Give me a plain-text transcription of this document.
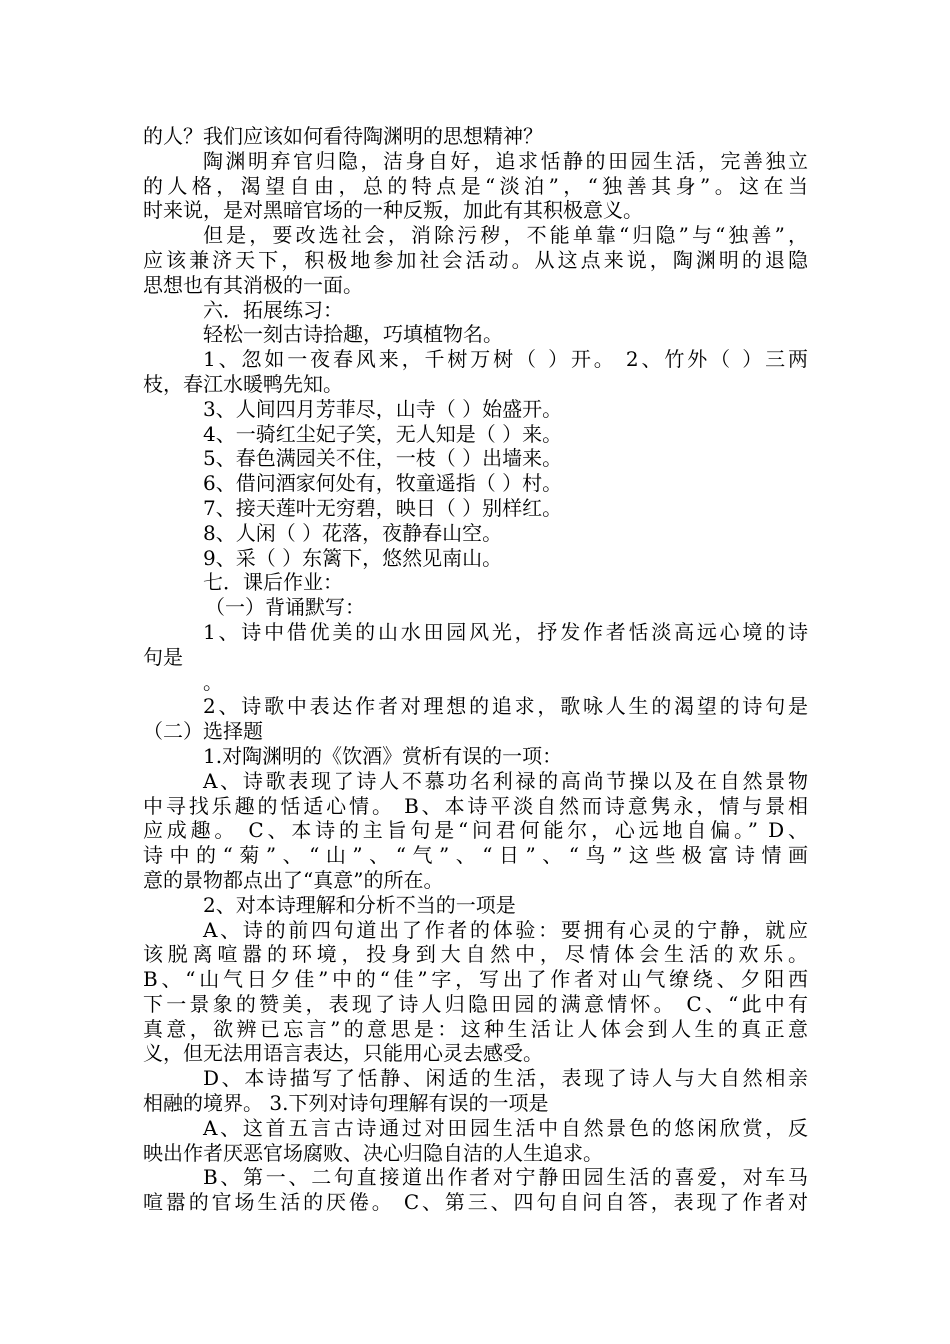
的人？我们应该如何看待陶渊明的思想精神？
陶渊明弃官归隐，洁身自好，追求恬静的田园生活，完善独立
的人格，渴望自由，总的特点是“淡泊”，“独善其身”。这在当
时来说，是对黑暗官场的一种反叛，加此有其积极意义。
但是，要改选社会，消除污秽，不能单靠“归隐”与“独善”，
应该兼济天下，积极地参加社会活动。从这点来说，陶渊明的退隐
思想也有其消极的一面。
六．拓展练习：
轻松一刻古诗拾趣，巧填植物名。
1、忽如一夜春风来，千树万树（ ）开。 2、竹外（ ）三两
枝，春江水暖鸭先知。
3、人间四月芳菲尽，山寺（ ）始盛开。
4、一骑红尘妃子笑，无人知是（ ）来。
5、春色满园关不住，一枝（ ）出墙来。
6、借问酒家何处有，牧童遥指（ ）村。
7、接天莲叶无穷碧，映日（ ）别样红。
8、人闲（ ）花落，夜静春山空。
9、采（ ）东篱下，悠然见南山。
七．课后作业：
（一）背诵默写：
1、诗中借优美的山水田园风光，抒发作者恬淡高远心境的诗
句是
。
2、诗歌中表达作者对理想的追求，歌咏人生的渴望的诗句是
（二）选择题
1.对陶渊明的《饮酒》赏析有误的一项：
A、诗歌表现了诗人不慕功名利禄的高尚节操以及在自然景物
中寻找乐趣的恬适心情。 B、本诗平淡自然而诗意隽永，情与景相
应成趣。 C、本诗的主旨句是“问君何能尔，心远地自偏。” D、
诗中的“菊”、“山”、“气”、“日”、“鸟”这些极富诗情画
意的景物都点出了“真意”的所在。
2、对本诗理解和分析不当的一项是
A、诗的前四句道出了作者的体验：要拥有心灵的宁静，就应
该脱离喧嚣的环境，投身到大自然中，尽情体会生活的欢乐。
B、“山气日夕佳”中的“佳”字，写出了作者对山气缭绕、夕阳西
下一景象的赞美，表现了诗人归隐田园的满意情怀。 C、“此中有
真意，欲辨已忘言”的意思是：这种生活让人体会到人生的真正意
义，但无法用语言表达，只能用心灵去感受。
D、本诗描写了恬静、闲适的生活，表现了诗人与大自然相亲
相融的境界。 3.下列对诗句理解有误的一项是
A、这首五言古诗通过对田园生活中自然景色的悠闲欣赏，反
映出作者厌恶官场腐败、决心归隐自洁的人生追求。
B、第一、二句直接道出作者对宁静田园生活的喜爱，对车马
喧嚣的官场生活的厌倦。 C、第三、四句自问自答，表现了作者对
